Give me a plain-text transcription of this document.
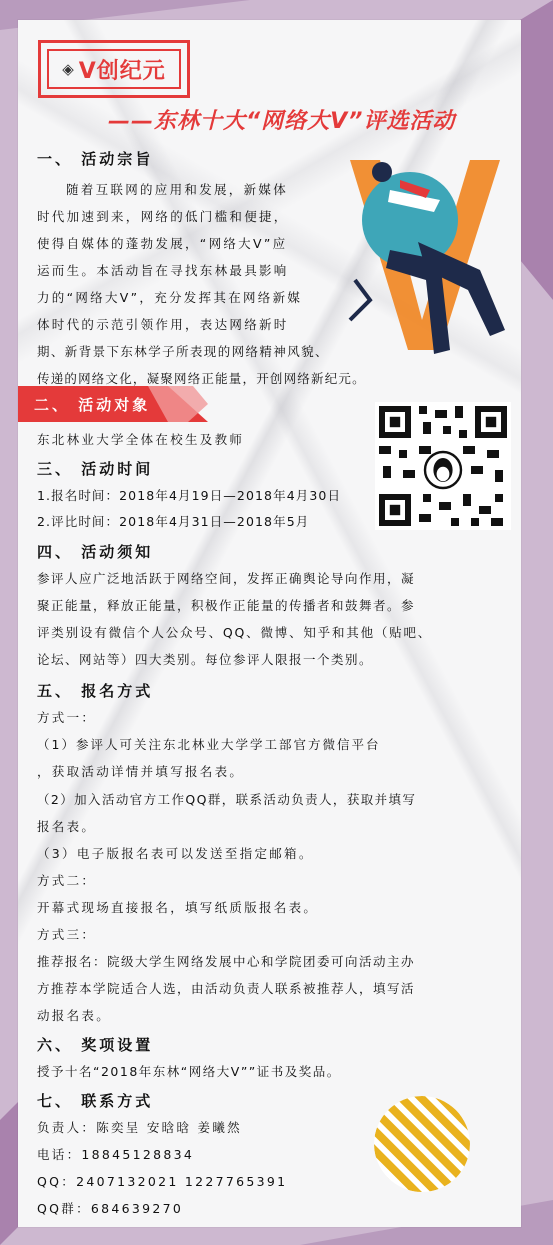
◈ V创纪元
——东林十大“网络大V”评选活动
一、 活动宗旨
随着互联网的应用和发展，新媒体
时代加速到来，网络的低门槛和便捷，
使得自媒体的蓬勃发展，“网络大V”应
运而生。本活动旨在寻找东林最具影响
力的“网络大V”，充分发挥其在网络新媒
体时代的示范引领作用，表达网络新时
期、新背景下东林学子所表现的网络精神风貌、
传递的网络文化，凝聚网络正能量，开创网络新纪元。
二、 活动对象
东北林业大学全体在校生及教师
三、 活动时间
1.报名时间：2018年4月19日—2018年4月30日
2.评比时间：2018年4月31日—2018年5月
四、 活动须知
参评人应广泛地活跃于网络空间，发挥正确舆论导向作用，凝
聚正能量，释放正能量，积极作正能量的传播者和鼓舞者。参
评类别设有微信个人公众号、QQ、微博、知乎和其他（贴吧、
论坛、网站等）四大类别。每位参评人限报一个类别。
五、 报名方式
方式一：
（1）参评人可关注东北林业大学学工部官方微信平台
，获取活动详情并填写报名表。
（2）加入活动官方工作QQ群，联系活动负责人，获取并填写
报名表。
（3）电子版报名表可以发送至指定邮箱。
方式二：
开幕式现场直接报名，填写纸质版报名表。
方式三：
推荐报名：院级大学生网络发展中心和学院团委可向活动主办
方推荐本学院适合人选，由活动负责人联系被推荐人，填写活
动报名表。
六、 奖项设置
授予十名“2018年东林“网络大V””证书及奖品。
七、 联系方式
负责人：陈奕呈 安晗晗 姜曦然
电话：18845128834
QQ：2407132021 1227765391
QQ群：684639270
